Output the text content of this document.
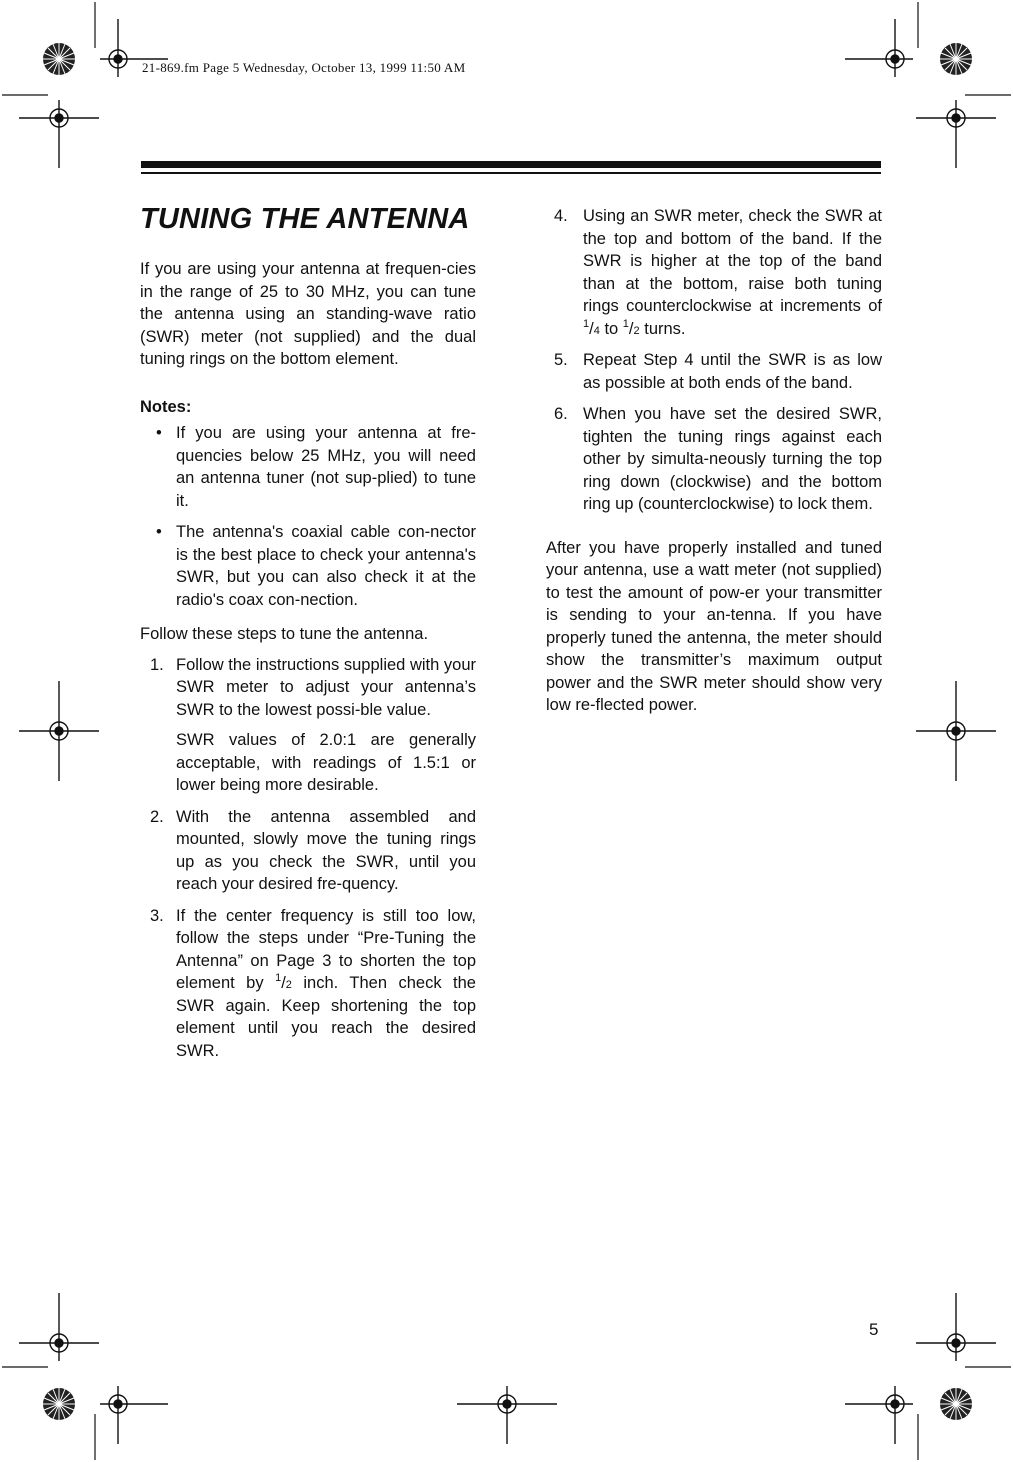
21-869.fm Page 5 Wednesday, October 13, 1999 11:50 AM
TUNING THE ANTENNA

If you are using your antenna at frequen-cies in the range of 25 to 30 MHz, you can tune the antenna using an standing-wave ratio (SWR) meter (not supplied) and the dual tuning rings on the bottom element.

Notes:
• If you are using your antenna at fre-quencies below 25 MHz, you will need an antenna tuner (not sup-plied) to tune it.
• The antenna's coaxial cable con-nector is the best place to check your antenna's SWR, but you can also check it at the radio's coax con-nection.

Follow these steps to tune the antenna.

1. Follow the instructions supplied with your SWR meter to adjust your antenna’s SWR to the lowest possi-ble value.
SWR values of 2.0:1 are generally acceptable, with readings of 1.5:1 or lower being more desirable.
2. With the antenna assembled and mounted, slowly move the tuning rings up as you check the SWR, until you reach your desired fre-quency.
3. If the center frequency is still too low, follow the steps under “Pre-Tuning the Antenna” on Page 3 to shorten the top element by $^1$/2 inch. Then check the SWR again. Keep shortening the top element until you reach the desired SWR.
4. Using an SWR meter, check the SWR at the top and bottom of the band. If the SWR is higher at the top of the band than at the bottom, raise both tuning rings counterclockwise at increments of $^1$/4 to $^1$/2 turns.
5. Repeat Step 4 until the SWR is as low as possible at both ends of the band.
6. When you have set the desired SWR, tighten the tuning rings against each other by simulta-neously turning the top ring down (clockwise) and the bottom ring up (counterclockwise) to lock them.

After you have properly installed and tuned your antenna, use a watt meter (not supplied) to test the amount of pow-er your transmitter is sending to your an-tenna. If you have properly tuned the antenna, the meter should show the transmitter’s maximum output power and the SWR meter should show very low re-flected power.

5
